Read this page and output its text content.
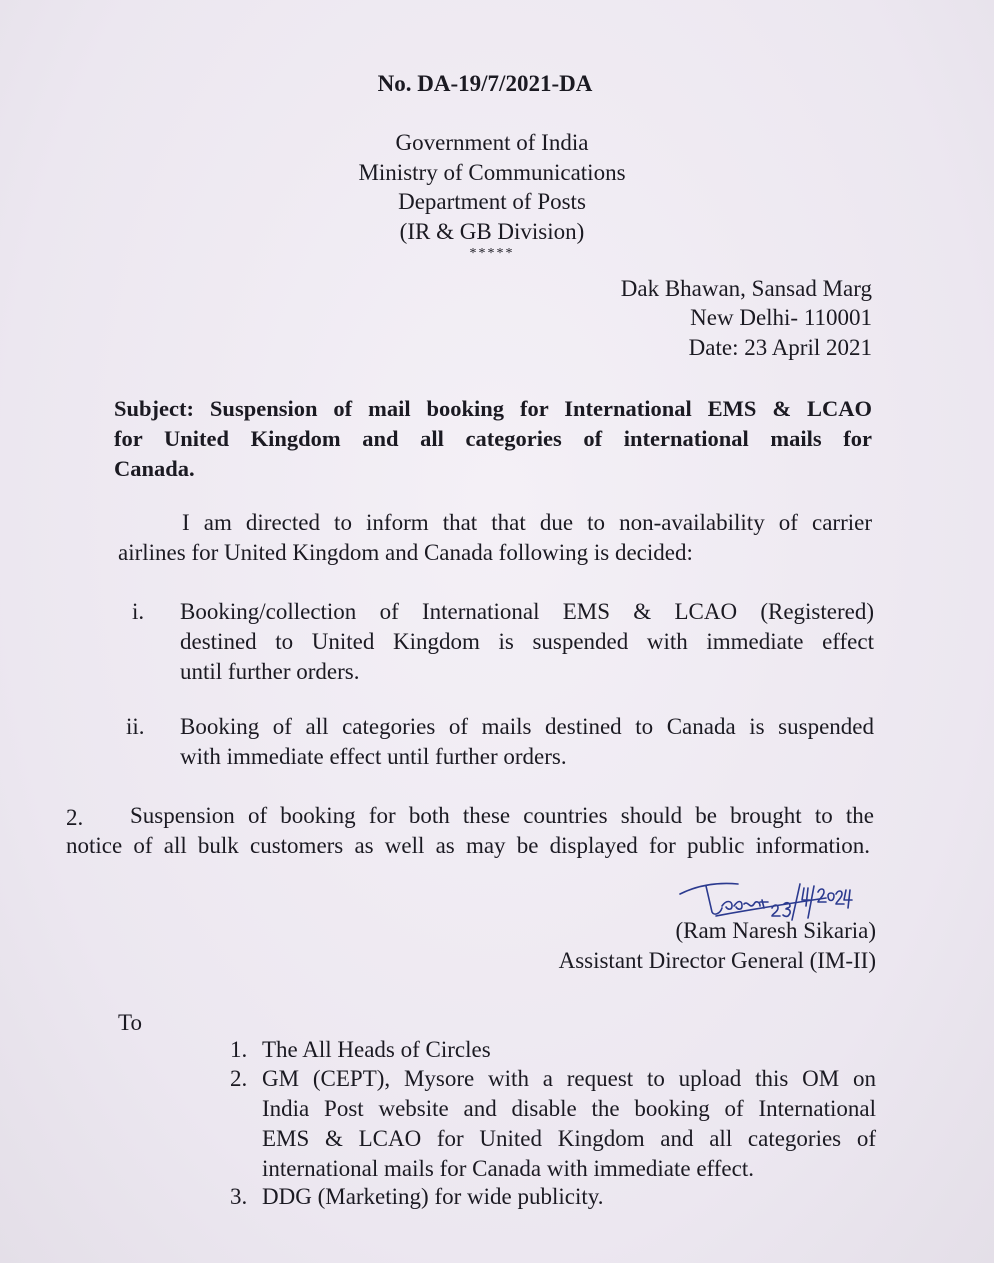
No. DA-19/7/2021-DA
Government of India
Ministry of Communications
Department of Posts
(IR & GB Division)
*****
Dak Bhawan, Sansad Marg
New Delhi- 110001
Date: 23 April 2021
Subject: Suspension of mail booking for International EMS & LCAO
for United Kingdom and all categories of international mails for
Canada.
I am directed to inform that that due to non-availability of carrier
airlines for United Kingdom and Canada following is decided:
i. Booking/collection of International EMS & LCAO (Registered)
destined to United Kingdom is suspended with immediate effect
until further orders.
ii. Booking of all categories of mails destined to Canada is suspended
with immediate effect until further orders.
2. Suspension of booking for both these countries should be brought to the
notice of all bulk customers as well as may be displayed for public information.
(Ram Naresh Sikaria)
Assistant Director General (IM-II)
To
1. The All Heads of Circles
2. GM (CEPT), Mysore with a request to upload this OM on
India Post website and disable the booking of International
EMS & LCAO for United Kingdom and all categories of
international mails for Canada with immediate effect.
3. DDG (Marketing) for wide publicity.
